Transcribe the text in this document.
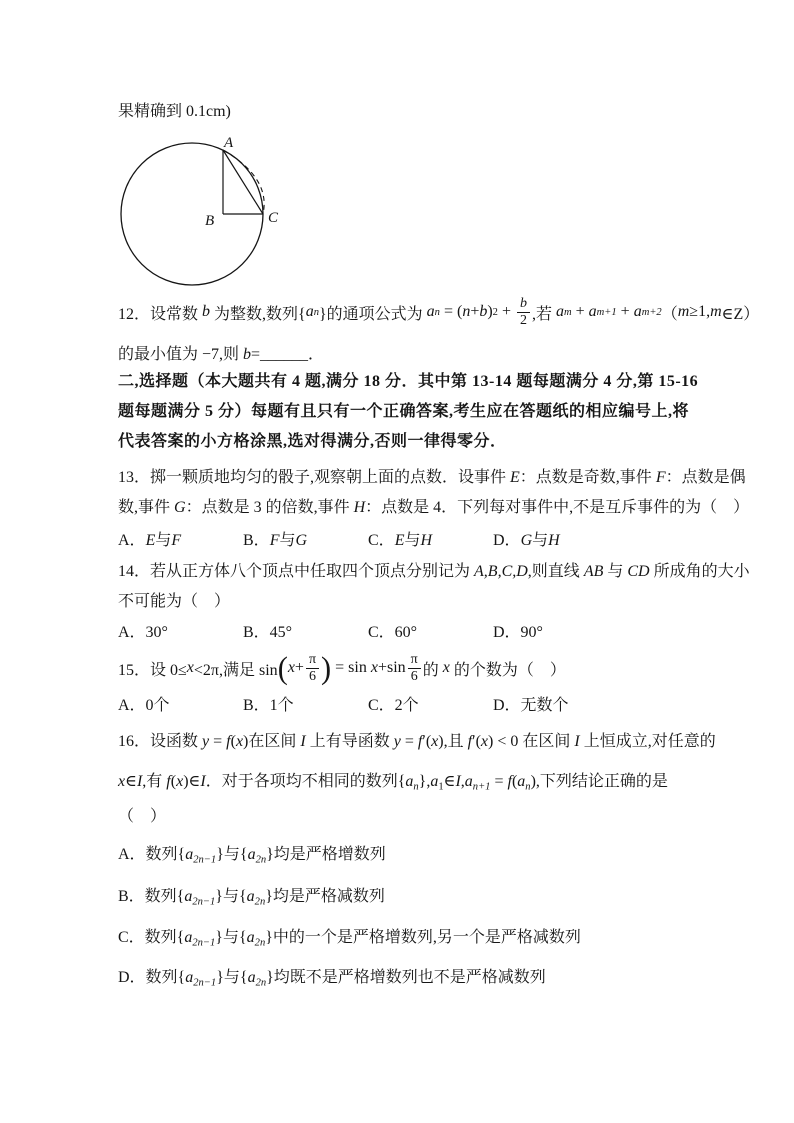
果精确到 0.1cm)
A
B	C
12．设常数 b 为整数,数列{ a n }的通项公式为 a n = ( n + b ) $2 + \frac{b}{2}$ ,若 a m + a m+1 + a m+2 （ m ≥1, m ∈Z）
的最小值为 −7,则 b=______．
二,选择题（本大题共有 4 题,满分 18 分．其中第 13-14 题每题满分 4 分,第 15-16
题每题满分 5 分）每题有且只有一个正确答案,考生应在答题纸的相应编号上,将
代表答案的小方格涂黑,选对得满分,否则一律得零分．
13．掷一颗质地均匀的骰子,观察朝上面的点数．设事件 E：点数是奇数,事件 F：点数是偶
数,事件 G：点数是 3 的倍数,事件 H：点数是 4．下列每对事件中,不是互斥事件的为（　）
A．E与F	B．F与G	C．E与H	D．G与H
14．若从正方体八个顶点中任取四个顶点分别记为 A,B,C,D,则直线 AB 与 CD 所成角的大小
不可能为（　）
A．30°	B．45°	C．60°	D．90°
15．设 0≤ x <2π,满足 sin ( $x + \frac{\pi}{6}$ ) = $\sin x +\sin \frac{\pi}{6}$ 的 x 的个数为（　）
A．0个	B．1个	C．2个	D．无数个
16．设函数 y = f(x)在区间 I 上有导函数 y = f′(x),且 f′(x) < 0 在区间 I 上恒成立,对任意的
x∈I,有 f(x)∈I．对于各项均不相同的数列$\{a_n\},a_1\in I,a_{n+1} = f(a_n)$,下列结论正确的是
（　）
A．数列$\{a_{2n-1}\}$与$\{a_{2n}\}$均是严格增数列
B．数列$\{a_{2n-1}\}$与$\{a_{2n}\}$均是严格减数列
C．数列$\{a_{2n-1}\}$与$\{a_{2n}\}$中的一个是严格增数列,另一个是严格减数列
D．数列$\{a_{2n-1}\}$与$\{a_{2n}\}$均既不是严格增数列也不是严格减数列
